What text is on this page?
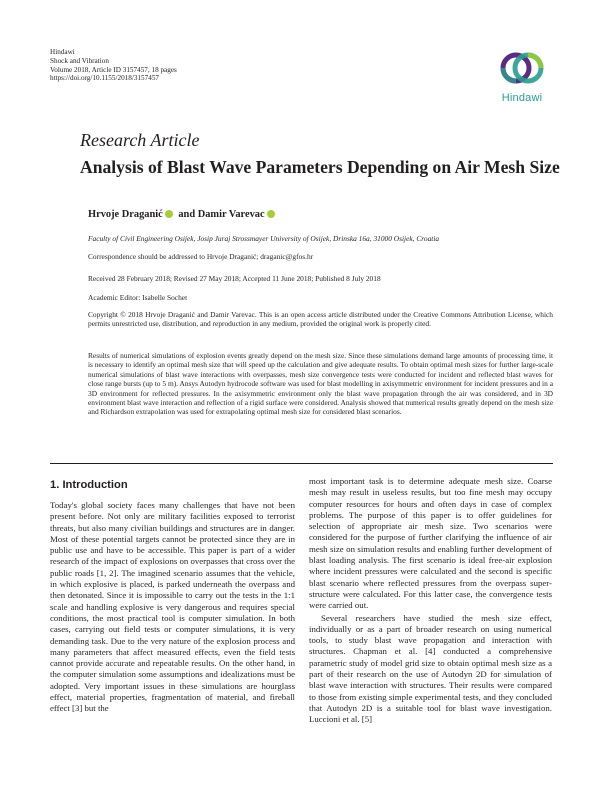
Hindawi
Shock and Vibration
Volume 2018, Article ID 3157457, 18 pages
https://doi.org/10.1155/2018/3157457
Hindawi
Research Article
Analysis of Blast Wave Parameters Depending on Air Mesh Size
Hrvoje Draganić and Damir Varevac
Faculty of Civil Engineering Osijek, Josip Juraj Strossmayer University of Osijek, Drinska 16a, 31000 Osijek, Croatia
Correspondence should be addressed to Hrvoje Draganić; draganic@gfos.hr
Received 28 February 2018; Revised 27 May 2018; Accepted 11 June 2018; Published 8 July 2018
Academic Editor: Isabelle Sochet
Copyright © 2018 Hrvoje Draganić and Damir Varevac. This is an open access article distributed under the Creative Commons Attribution License, which permits unrestricted use, distribution, and reproduction in any medium, provided the original work is properly cited.
Results of numerical simulations of explosion events greatly depend on the mesh size. Since these simulations demand large amounts of processing time, it is necessary to identify an optimal mesh size that will speed up the calculation and give adequate results. To obtain optimal mesh sizes for further large-scale numerical simulations of blast wave interactions with overpasses, mesh size convergence tests were conducted for incident and reflected blast waves for close range bursts (up to 5 m). Ansys Autodyn hydrocode software was used for blast modelling in axisymmetric environment for incident pressures and in a 3D environment for reflected pressures. In the axisymmetric environment only the blast wave propagation through the air was considered, and in 3D environment blast wave interaction and reflection of a rigid surface were considered. Analysis showed that numerical results greatly depend on the mesh size and Richardson extrapolation was used for extrapolating optimal mesh size for considered blast scenarios.
1. Introduction

Today's global society faces many challenges that have not been present before. Not only are military facilities exposed to terrorist threats, but also many civilian buildings and structures are in danger. Most of these potential targets cannot be protected since they are in public use and have to be accessible. This paper is part of a wider research of the impact of explosions on overpasses that cross over the public roads [1, 2]. The imagined scenario assumes that the vehicle, in which explosive is placed, is parked underneath the overpass and then detonated. Since it is impossible to carry out the tests in the 1:1 scale and handling explosive is very dangerous and requires special conditions, the most practical tool is computer simulation. In both cases, carrying out field tests or computer simulations, it is very demanding task. Due to the very nature of the explosion process and many parameters that affect measured effects, even the field tests cannot provide accurate and repeatable results. On the other hand, in the computer simulation some assumptions and idealizations must be adopted. Very important issues in these simulations are hourglass effect, material properties, fragmentation of material, and fireball effect [3] but the

most important task is to determine adequate mesh size. Coarse mesh may result in useless results, but too fine mesh may occupy computer resources for hours and often days in case of complex problems. The purpose of this paper is to offer guidelines for selection of appropriate air mesh size. Two scenarios were considered for the purpose of further clarifying the influence of air mesh size on simulation results and enabling further development of blast loading analysis. The first scenario is ideal free-air explosion where incident pressures were calculated and the second is specific blast scenario where reflected pressures from the overpass super-structure were calculated. For this latter case, the convergence tests were carried out.

Several researchers have studied the mesh size effect, individually or as a part of broader research on using numerical tools, to study blast wave propagation and interaction with structures. Chapman et al. [4] conducted a comprehensive parametric study of model grid size to obtain optimal mesh size as a part of their research on the use of Autodyn 2D for simulation of blast wave interaction with structures. Their results were compared to those from existing simple experimental tests, and they concluded that Autodyn 2D is a suitable tool for blast wave investigation. Luccioni et al. [5]
